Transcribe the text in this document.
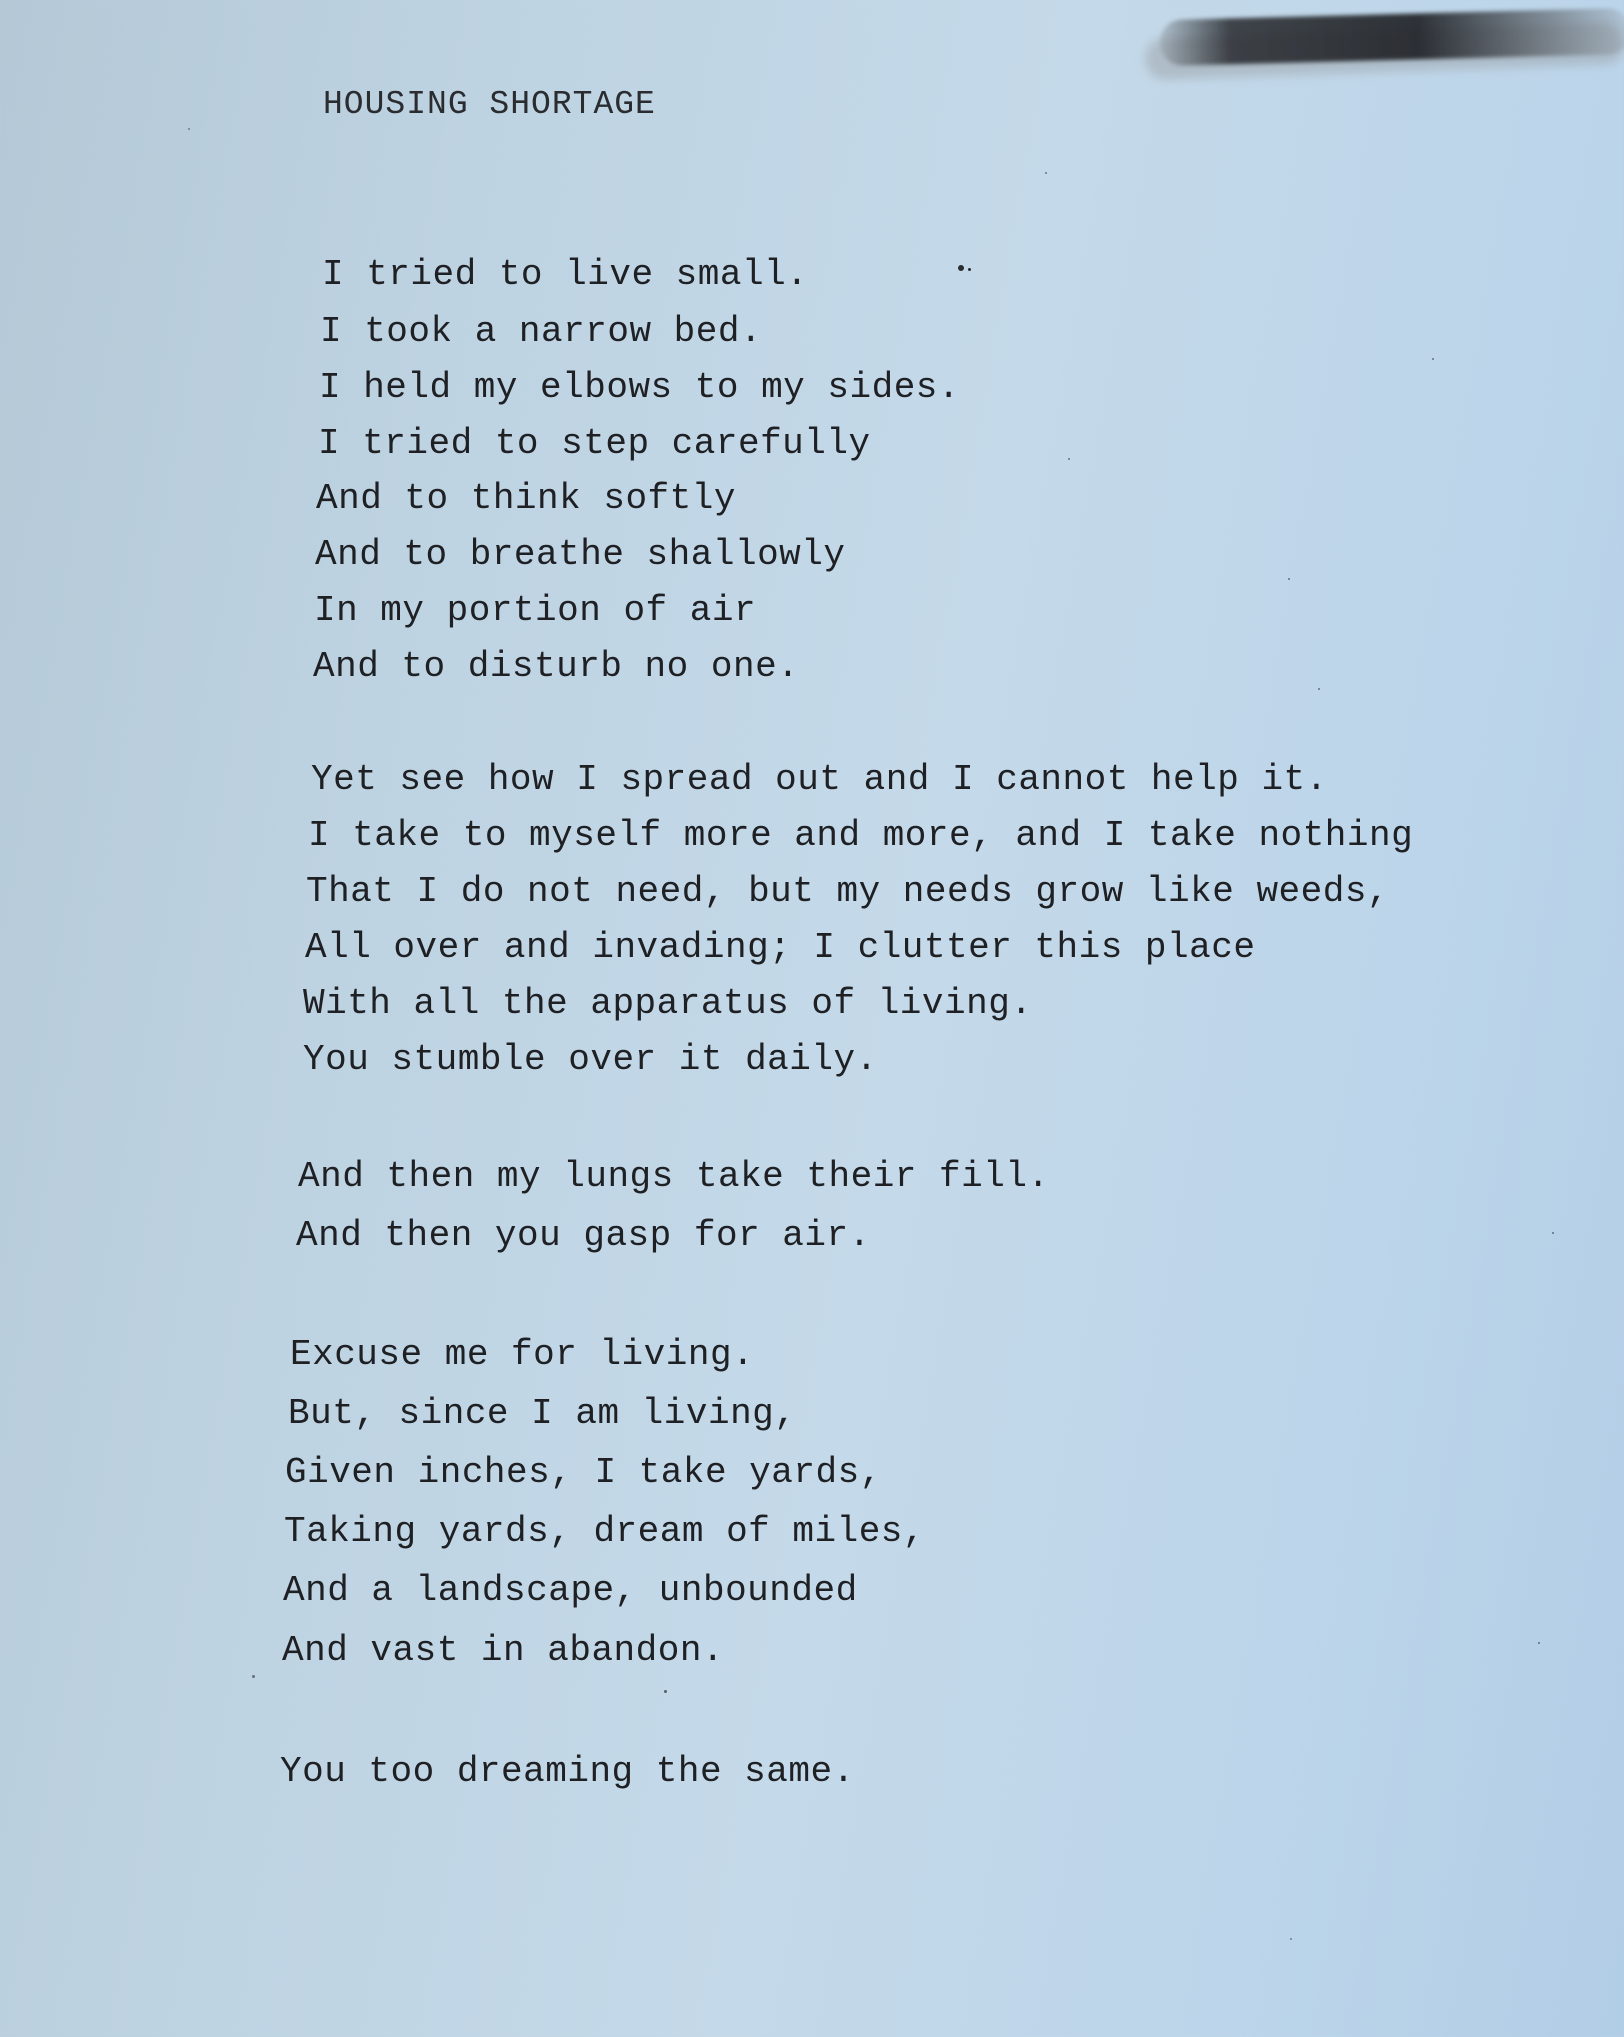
HOUSING SHORTAGE

I tried to live small.

I took a narrow bed.

I held my elbows to my sides.

I tried to step carefully

And to think softly

And to breathe shallowly

In my portion of air

And to disturb no one.

Yet see how I spread out and I cannot help it.

I take to myself more and more, and I take nothing

That I do not need, but my needs grow like weeds,

All over and invading; I clutter this place

With all the apparatus of living.

You stumble over it daily.

And then my lungs take their fill.

And then you gasp for air.

Excuse me for living.

But, since I am living,

Given inches, I take yards,

Taking yards, dream of miles,

And a landscape, unbounded

And vast in abandon.

You too dreaming the same.
